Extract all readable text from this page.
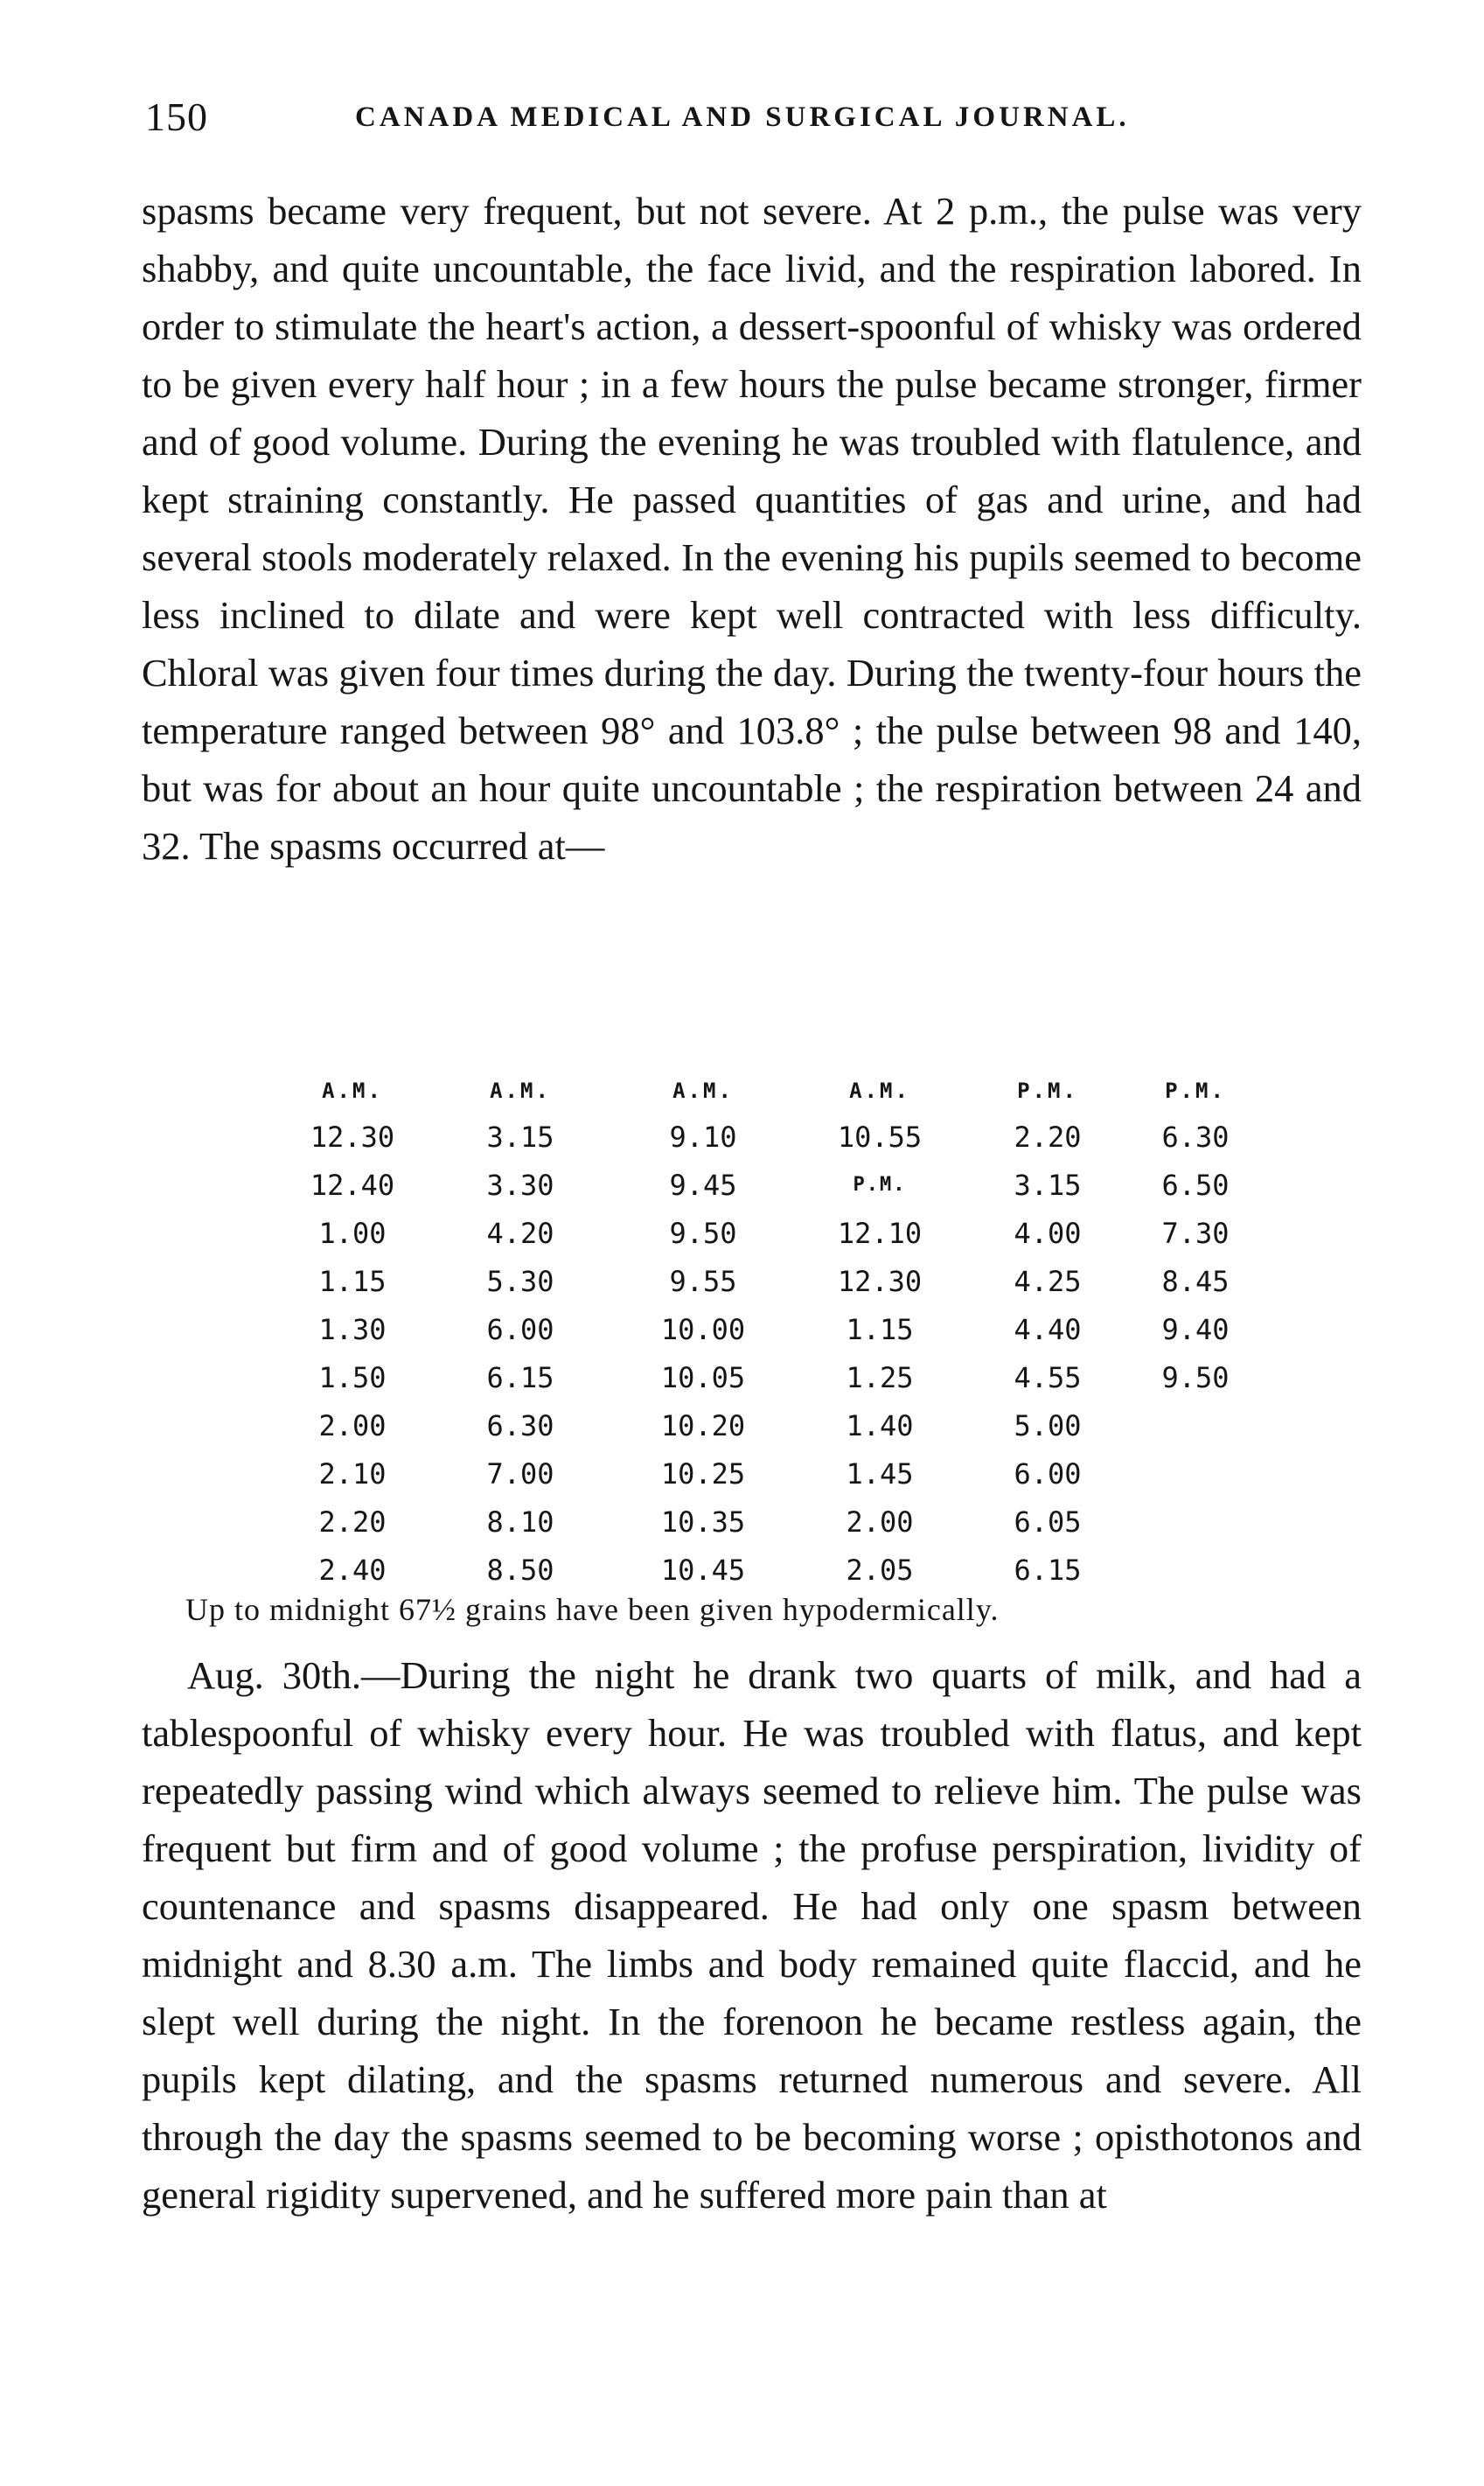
150	CANADA MEDICAL AND SURGICAL JOURNAL.

spasms became very frequent, but not severe. At 2 p.m., the pulse was very shabby, and quite uncountable, the face livid, and the respiration labored. In order to stimulate the heart's action, a dessert-spoonful of whisky was ordered to be given every half hour ; in a few hours the pulse became stronger, firmer and of good volume. During the evening he was troubled with flatulence, and kept straining constantly. He passed quantities of gas and urine, and had several stools moderately relaxed. In the evening his pupils seemed to become less inclined to dilate and were kept well contracted with less difficulty. Chloral was given four times during the day. During the twenty-four hours the temperature ranged between 98° and 103.8° ; the pulse between 98 and 140, but was for about an hour quite uncountable ; the respiration between 24 and 32. The spasms occurred at—

A.M.	A.M.	A.M.	A.M.	P.M.	P.M.
12.30	3.15	9.10	10.55	2.20	6.30
12.40	3.30	9.45	P.M.	3.15	6.50
1.00	4.20	9.50	12.10	4.00	7.30
1.15	5.30	9.55	12.30	4.25	8.45
1.30	6.00	10.00	1.15	4.40	9.40
1.50	6.15	10.05	1.25	4.55	9.50
2.00	6.30	10.20	1.40	5.00	
2.10	7.00	10.25	1.45	6.00	
2.20	8.10	10.35	2.00	6.05	
2.40	8.50	10.45	2.05	6.15	
Up to midnight 67½ grains have been given hypodermically.

Aug. 30th.—During the night he drank two quarts of milk, and had a tablespoonful of whisky every hour. He was troubled with flatus, and kept repeatedly passing wind which always seemed to relieve him. The pulse was frequent but firm and of good volume ; the profuse perspiration, lividity of countenance and spasms disappeared. He had only one spasm between midnight and 8.30 a.m. The limbs and body remained quite flaccid, and he slept well during the night. In the forenoon he became restless again, the pupils kept dilating, and the spasms returned numerous and severe. All through the day the spasms seemed to be becoming worse ; opisthotonos and general rigidity supervened, and he suffered more pain than at
